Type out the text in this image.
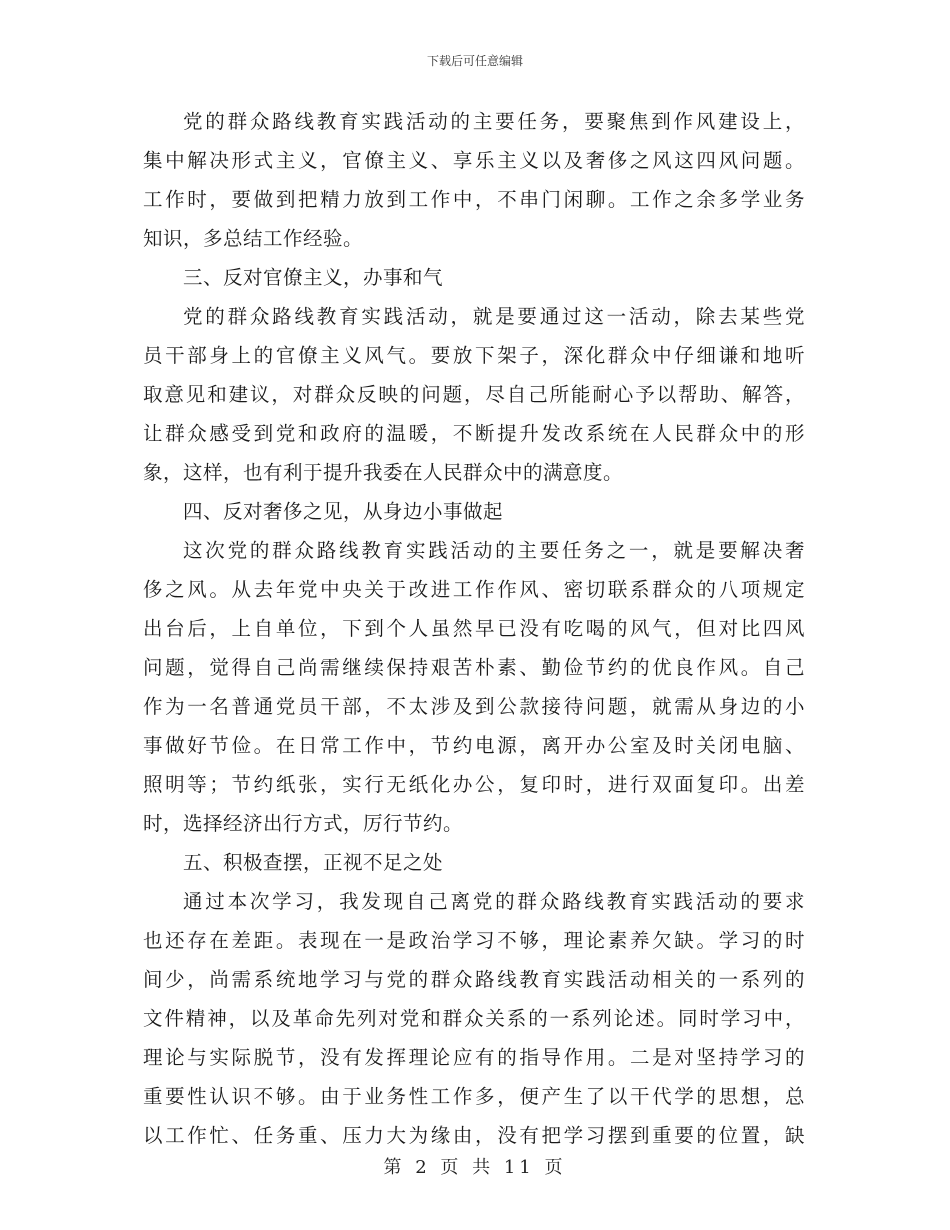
下载后可任意编辑
党的群众路线教育实践活动的主要任务，要聚焦到作风建设上，
集中解决形式主义，官僚主义、享乐主义以及奢侈之风这四风问题。
工作时，要做到把精力放到工作中，不串门闲聊。工作之余多学业务
知识，多总结工作经验。
三、反对官僚主义，办事和气
党的群众路线教育实践活动，就是要通过这一活动，除去某些党
员干部身上的官僚主义风气。要放下架子，深化群众中仔细谦和地听
取意见和建议，对群众反映的问题，尽自己所能耐心予以帮助、解答，
让群众感受到党和政府的温暖，不断提升发改系统在人民群众中的形
象，这样，也有利于提升我委在人民群众中的满意度。
四、反对奢侈之见，从身边小事做起
这次党的群众路线教育实践活动的主要任务之一，就是要解决奢
侈之风。从去年党中央关于改进工作作风、密切联系群众的八项规定
出台后，上自单位，下到个人虽然早已没有吃喝的风气，但对比四风
问题，觉得自己尚需继续保持艰苦朴素、勤俭节约的优良作风。自己
作为一名普通党员干部，不太涉及到公款接待问题，就需从身边的小
事做好节俭。在日常工作中，节约电源，离开办公室及时关闭电脑、
照明等；节约纸张，实行无纸化办公，复印时，进行双面复印。出差
时，选择经济出行方式，厉行节约。
五、积极查摆，正视不足之处
通过本次学习，我发现自己离党的群众路线教育实践活动的要求
也还存在差距。表现在一是政治学习不够，理论素养欠缺。学习的时
间少，尚需系统地学习与党的群众路线教育实践活动相关的一系列的
文件精神，以及革命先列对党和群众关系的一系列论述。同时学习中，
理论与实际脱节，没有发挥理论应有的指导作用。二是对坚持学习的
重要性认识不够。由于业务性工作多，便产生了以干代学的思想，总
以工作忙、任务重、压力大为缘由，没有把学习摆到重要的位置，缺
第 2 页 共 11 页
